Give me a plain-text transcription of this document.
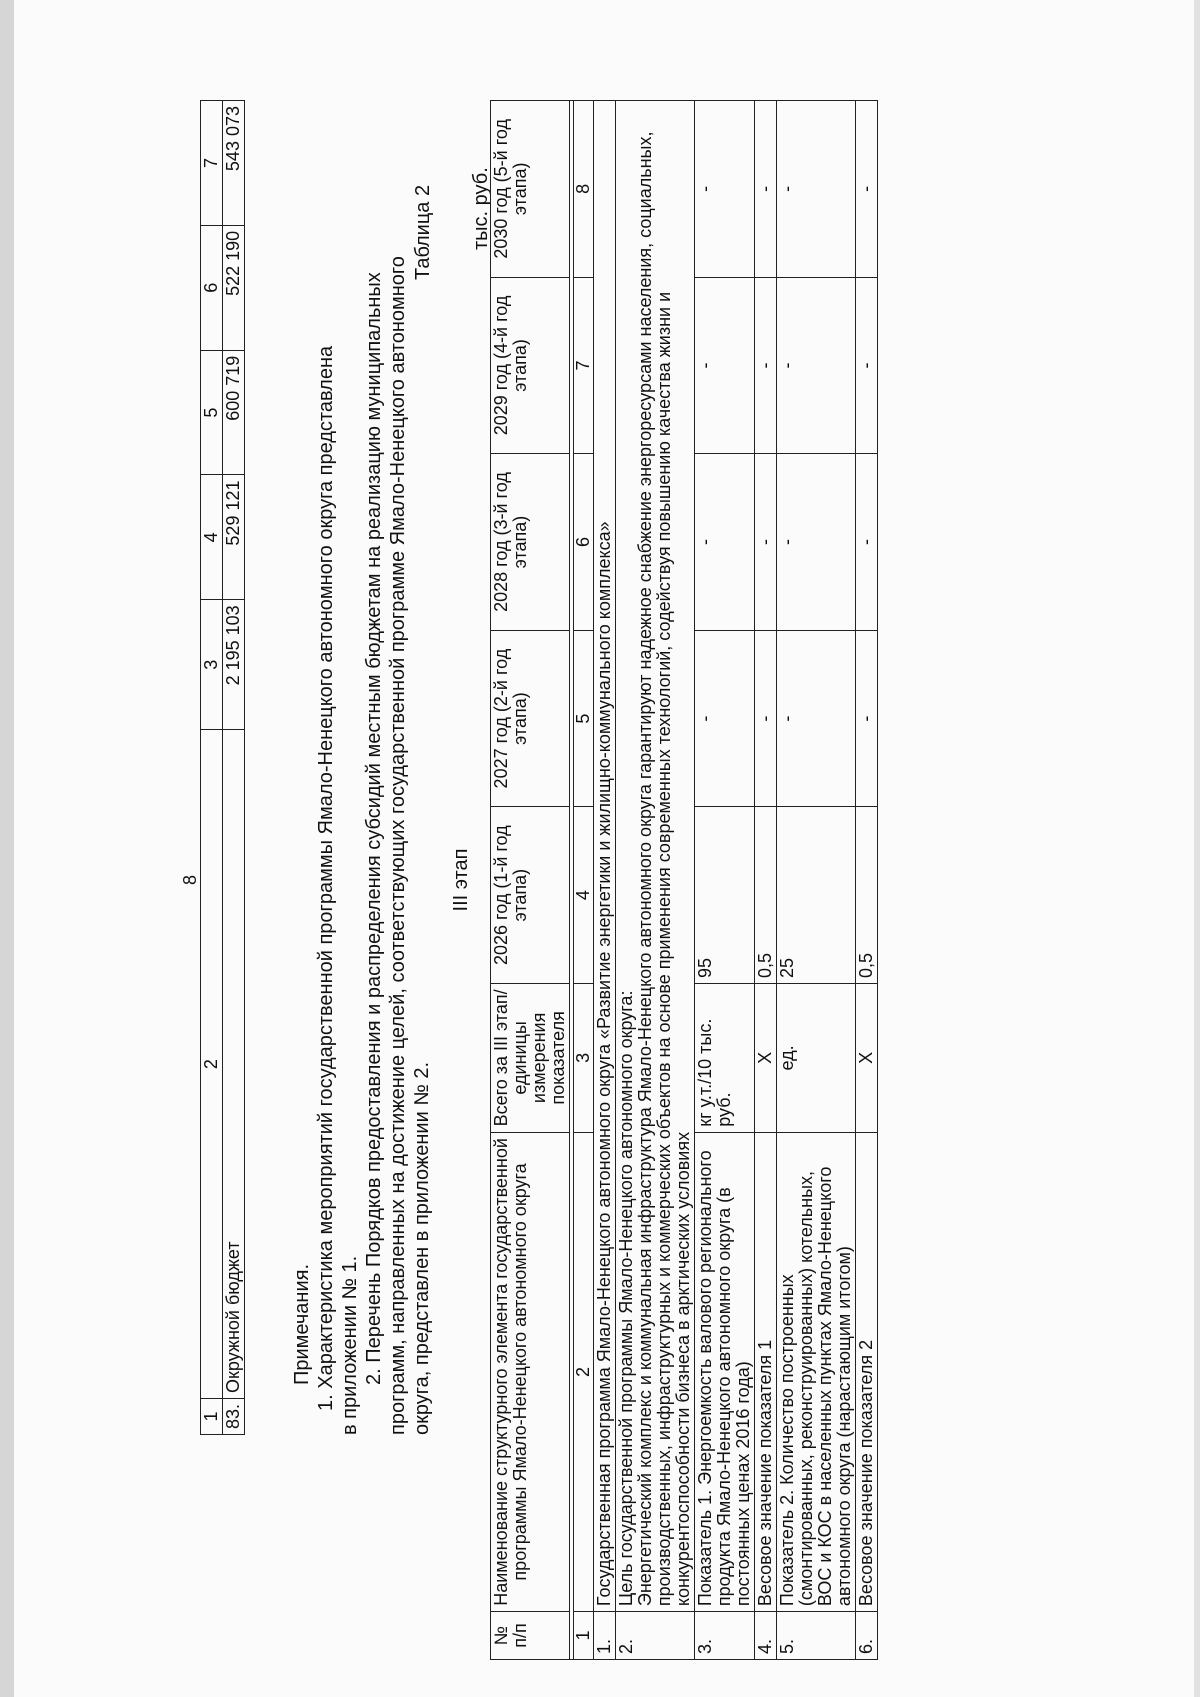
8
1	2	3	4	5	6	7
83.	Окружной бюджет	2 195 103	529 121	600 719	522 190	543 073

Примечания. 1. Характеристика мероприятий государственной программы Ямало-Ненецкого автономного округа представлена в приложении № 1. 2. Перечень Порядков предоставления и распределения субсидий местным бюджетам на реализацию муниципальных программ, направленных на достижение целей, соответствующих государственной программе Ямало-Ненецкого автономного округа, представлен в приложении № 2.

Таблица 2
III этап
тыс. руб.
№ п/п	Наименование структурного элемента государственной программы Ямало-Ненецкого автономного округа	Всего за III этап/ единицы измерения показателя	2026 год (1-й год этапа)	2027 год (2-й год этапа)	2028 год (3-й год этапа)	2029 год (4-й год этапа)	2030 год (5-й год этапа)

1	2	3	4	5	6	7	8
1.	Государственная программа Ямало-Ненецкого автономного округа «Развитие энергетики и жилищно-коммунального комплекса»						
2.	Цель государственной программы Ямало-Ненецкого автономного округа: Энергетический комплекс и коммунальная инфраструктура Ямало-Ненецкого автономного округа гарантируют надежное снабжение энергоресурсами населения, социальных, производственных, инфраструктурных и коммерческих объектов на основе применения современных технологий, содействуя повышению качества жизни и конкурентоспособности бизнеса в арктических условиях						

3.	Показатель 1. Энергоемкость валового регионального продукта Ямало-Ненецкого автономного округа (в постоянных ценах 2016 года)	кг у.т./10 тыс. руб.	95	-	-	-	-
4.	Весовое значение показателя 1	X	0,5	-	-	-	-
5.	Показатель 2. Количество построенных (смонтированных, реконструированных) котельных, ВОС и КОС в населенных пунктах Ямало-Ненецкого автономного округа (нарастающим итогом)	ед.	25	-	-	-	-
6.	Весовое значение показателя 2	X	0,5	-	-	-	-
